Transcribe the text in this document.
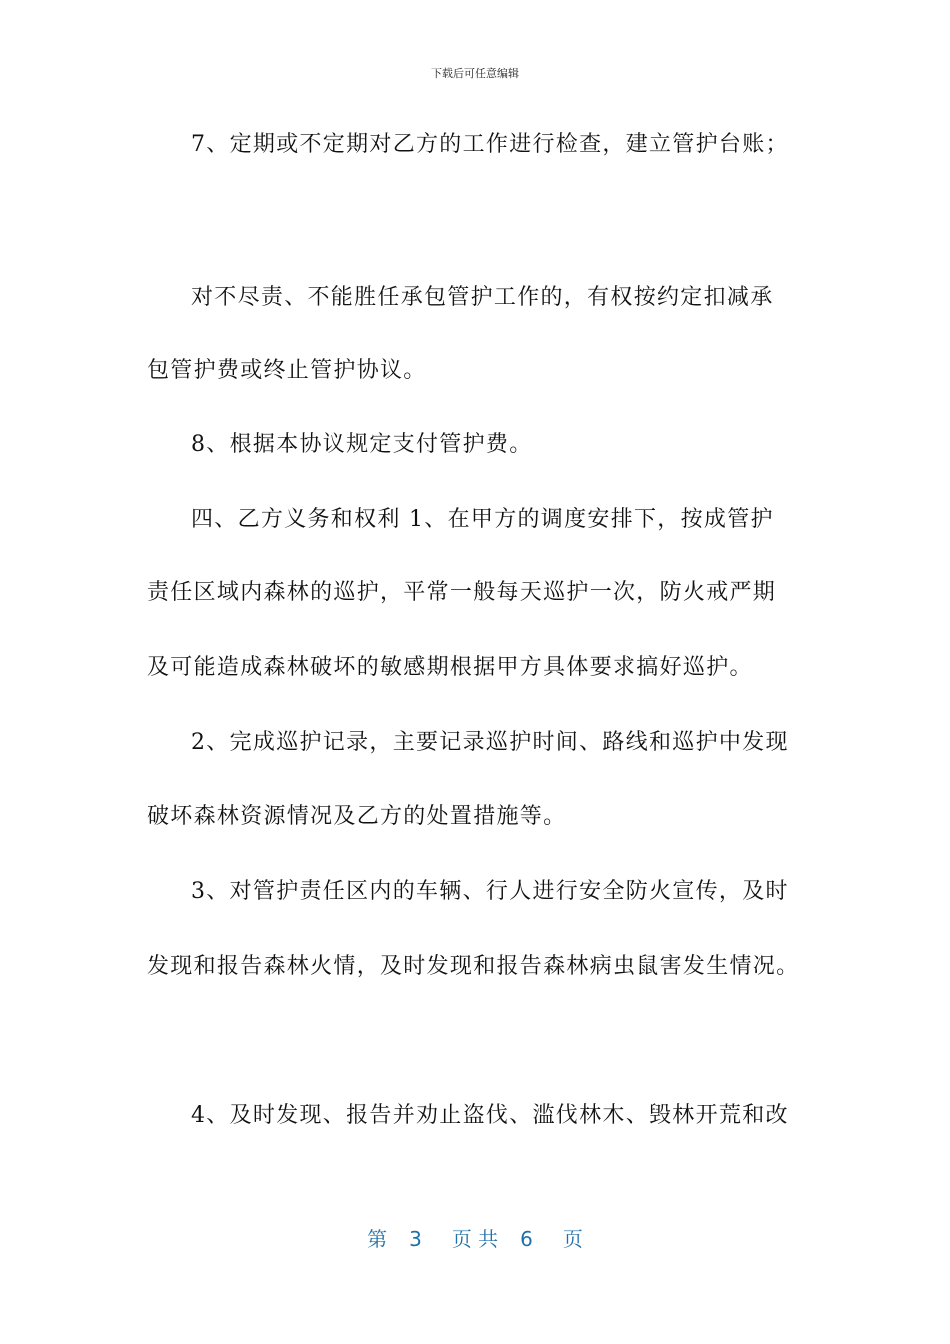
下载后可任意编辑
7、定期或不定期对乙方的工作进行检查，建立管护台账；
对不尽责、不能胜任承包管护工作的，有权按约定扣减承
包管护费或终止管护协议。
8、根据本协议规定支付管护费。
四、乙方义务和权利 1、在甲方的调度安排下，按成管护
责任区域内森林的巡护，平常一般每天巡护一次，防火戒严期
及可能造成森林破坏的敏感期根据甲方具体要求搞好巡护。
2、完成巡护记录，主要记录巡护时间、路线和巡护中发现
破坏森林资源情况及乙方的处置措施等。
3、对管护责任区内的车辆、行人进行安全防火宣传，及时
发现和报告森林火情，及时发现和报告森林病虫鼠害发生情况。
4、及时发现、报告并劝止盗伐、滥伐林木、毁林开荒和改
第 3 页 共 6 页
